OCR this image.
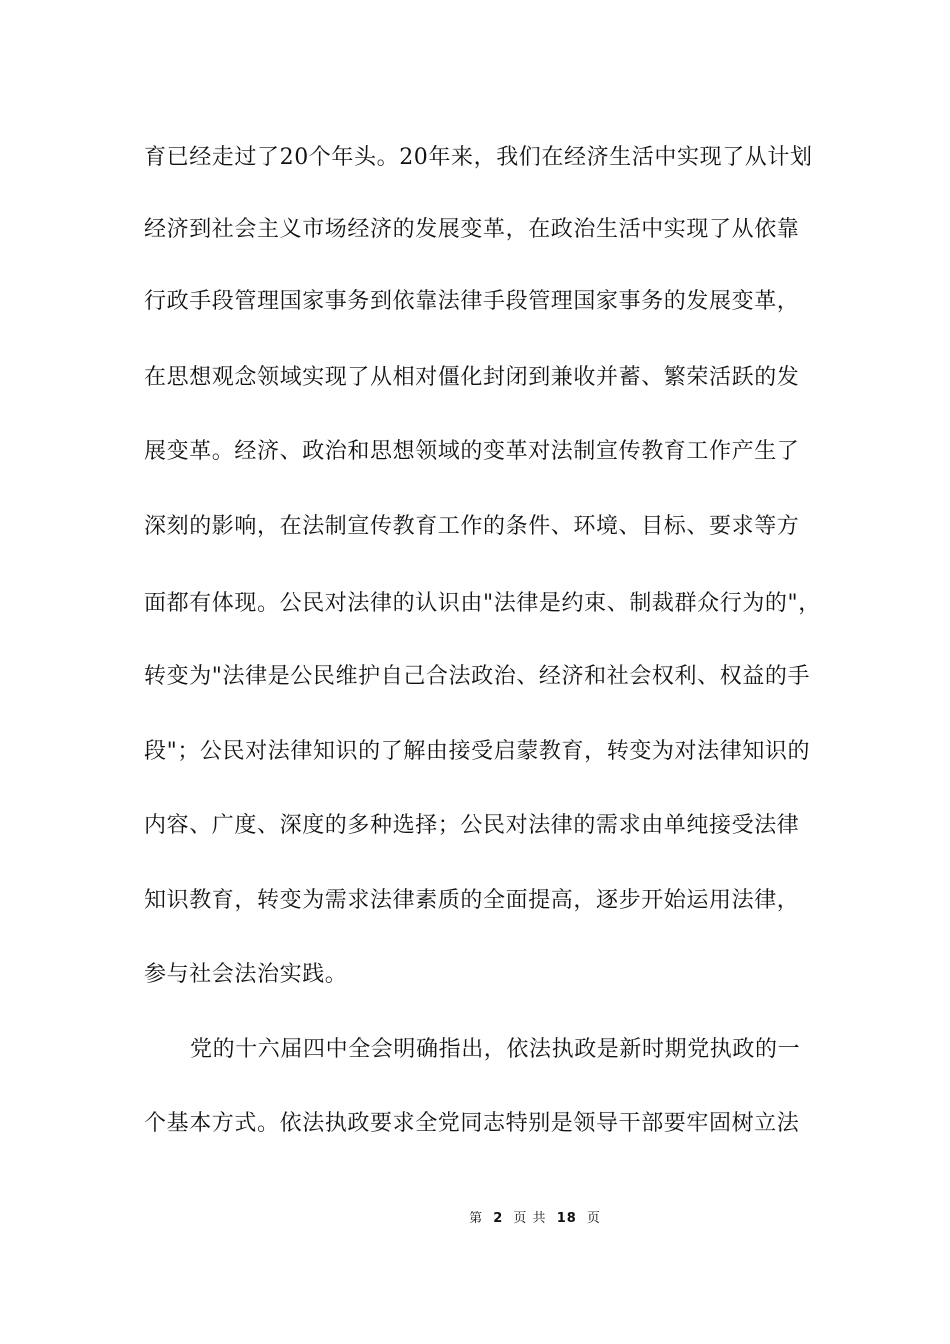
育已经走过了20个年头。20年来，我们在经济生活中实现了从计划
经济到社会主义市场经济的发展变革，在政治生活中实现了从依靠
行政手段管理国家事务到依靠法律手段管理国家事务的发展变革，
在思想观念领域实现了从相对僵化封闭到兼收并蓄、繁荣活跃的发
展变革。经济、政治和思想领域的变革对法制宣传教育工作产生了
深刻的影响，在法制宣传教育工作的条件、环境、目标、要求等方
面都有体现。公民对法律的认识由"法律是约束、制裁群众行为的"，
转变为"法律是公民维护自己合法政治、经济和社会权利、权益的手
段"；公民对法律知识的了解由接受启蒙教育，转变为对法律知识的
内容、广度、深度的多种选择；公民对法律的需求由单纯接受法律
知识教育，转变为需求法律素质的全面提高，逐步开始运用法律，
参与社会法治实践。
党的十六届四中全会明确指出，依法执政是新时期党执政的一
个基本方式。依法执政要求全党同志特别是领导干部要牢固树立法
第 2 页 共 18 页
